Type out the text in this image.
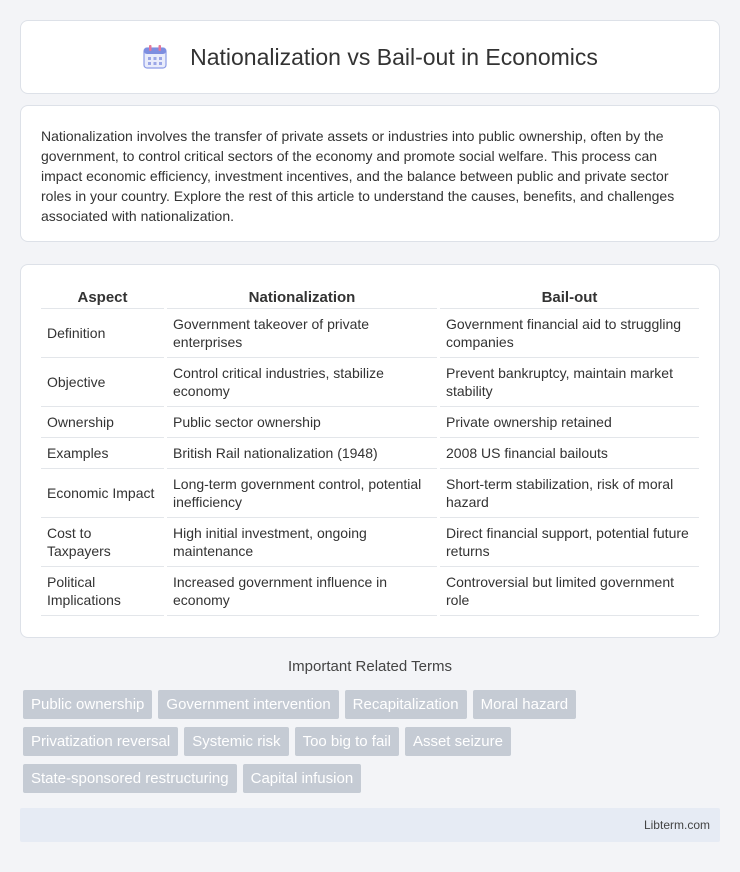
Nationalization vs Bail-out in Economics

Nationalization involves the transfer of private assets or industries into public ownership, often by the government, to control critical sectors of the economy and promote social welfare. This process can impact economic efficiency, investment incentives, and the balance between public and private sector roles in your country. Explore the rest of this article to understand the causes, benefits, and challenges associated with nationalization.

Aspect	Nationalization	Bail-out
Definition	Government takeover of private enterprises	Government financial aid to struggling companies
Objective	Control critical industries, stabilize economy	Prevent bankruptcy, maintain market stability
Ownership	Public sector ownership	Private ownership retained
Examples	British Rail nationalization (1948)	2008 US financial bailouts
Economic Impact	Long-term government control, potential inefficiency	Short-term stabilization, risk of moral hazard
Cost to Taxpayers	High initial investment, ongoing maintenance	Direct financial support, potential future returns
Political Implications	Increased government influence in economy	Controversial but limited government role
Important Related Terms
Public ownership	Government intervention	Recapitalization	Moral hazard
Privatization reversal	Systemic risk	Too big to fail	Asset seizure
State-sponsored restructuring	Capital infusion
Libterm.com
